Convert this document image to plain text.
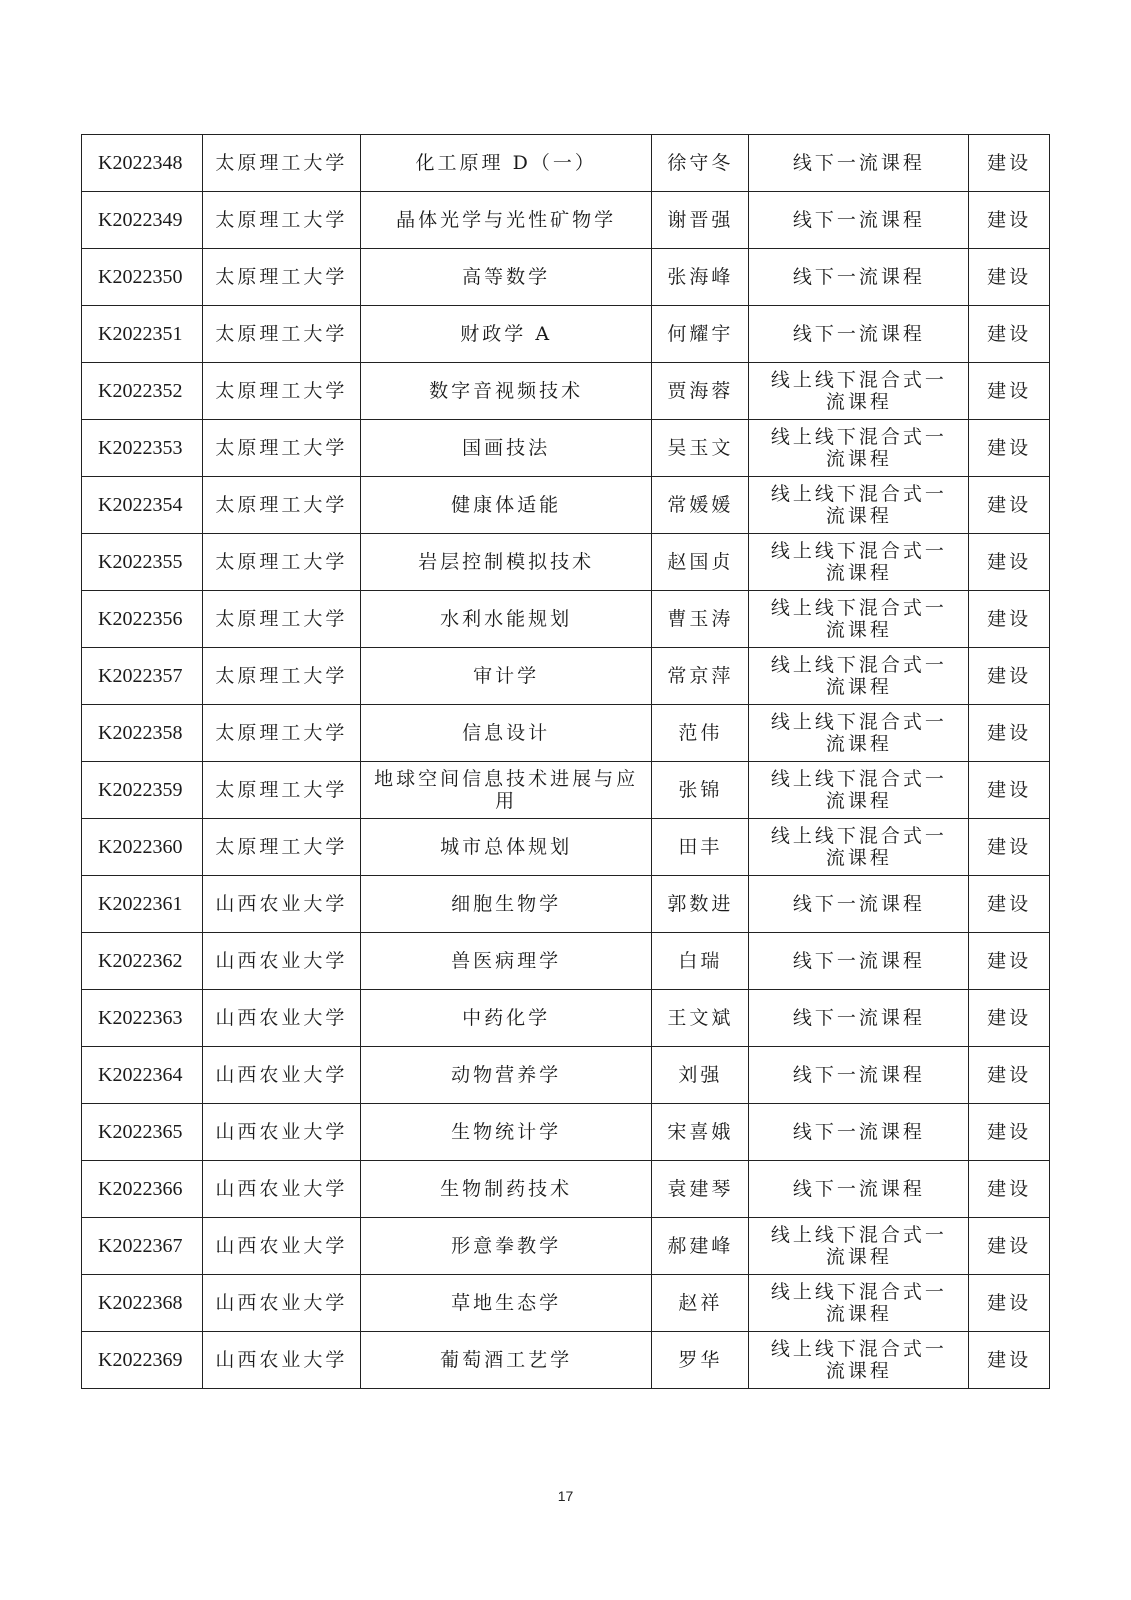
K2022348	太原理工大学	化工原理 D（一）	徐守冬	线下一流课程	建设
K2022349	太原理工大学	晶体光学与光性矿物学	谢晋强	线下一流课程	建设
K2022350	太原理工大学	高等数学	张海峰	线下一流课程	建设
K2022351	太原理工大学	财政学 A	何耀宇	线下一流课程	建设
K2022352	太原理工大学	数字音视频技术	贾海蓉	线上线下混合式一流课程	建设
K2022353	太原理工大学	国画技法	吴玉文	线上线下混合式一流课程	建设
K2022354	太原理工大学	健康体适能	常媛媛	线上线下混合式一流课程	建设
K2022355	太原理工大学	岩层控制模拟技术	赵国贞	线上线下混合式一流课程	建设
K2022356	太原理工大学	水利水能规划	曹玉涛	线上线下混合式一流课程	建设
K2022357	太原理工大学	审计学	常京萍	线上线下混合式一流课程	建设
K2022358	太原理工大学	信息设计	范伟	线上线下混合式一流课程	建设
K2022359	太原理工大学	地球空间信息技术进展与应用	张锦	线上线下混合式一流课程	建设
K2022360	太原理工大学	城市总体规划	田丰	线上线下混合式一流课程	建设
K2022361	山西农业大学	细胞生物学	郭数进	线下一流课程	建设
K2022362	山西农业大学	兽医病理学	白瑞	线下一流课程	建设
K2022363	山西农业大学	中药化学	王文斌	线下一流课程	建设
K2022364	山西农业大学	动物营养学	刘强	线下一流课程	建设
K2022365	山西农业大学	生物统计学	宋喜娥	线下一流课程	建设
K2022366	山西农业大学	生物制药技术	袁建琴	线下一流课程	建设
K2022367	山西农业大学	形意拳教学	郝建峰	线上线下混合式一流课程	建设
K2022368	山西农业大学	草地生态学	赵祥	线上线下混合式一流课程	建设
K2022369	山西农业大学	葡萄酒工艺学	罗华	线上线下混合式一流课程	建设
17
